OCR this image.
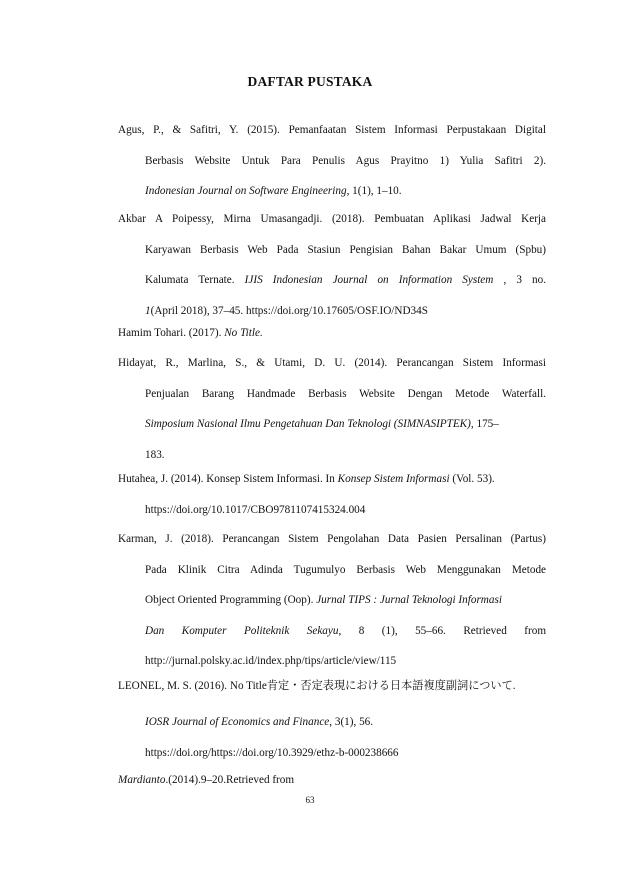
DAFTAR PUSTAKA
Agus, P., & Safitri, Y. (2015). Pemanfaatan Sistem Informasi Perpustakaan Digital
Berbasis Website Untuk Para Penulis Agus Prayitno 1) Yulia Safitri 2).
Indonesian Journal on Software Engineering, 1(1), 1–10.
Akbar A Poipessy, Mirna Umasangadji. (2018). Pembuatan Aplikasi Jadwal Kerja
Karyawan Berbasis Web Pada Stasiun Pengisian Bahan Bakar Umum (Spbu)
Kalumata Ternate. IJIS Indonesian Journal on Information System , 3 no.
1(April 2018), 37–45. https://doi.org/10.17605/OSF.IO/ND34S
Hamim Tohari. (2017). No Title.
Hidayat, R., Marlina, S., & Utami, D. U. (2014). Perancangan Sistem Informasi
Penjualan Barang Handmade Berbasis Website Dengan Metode Waterfall.
Simposium Nasional Ilmu Pengetahuan Dan Teknologi (SIMNASIPTEK), 175–
183.
Hutahea, J. (2014). Konsep Sistem Informasi. In Konsep Sistem Informasi (Vol. 53).
https://doi.org/10.1017/CBO9781107415324.004
Karman, J. (2018). Perancangan Sistem Pengolahan Data Pasien Persalinan (Partus)
Pada Klinik Citra Adinda Tugumulyo Berbasis Web Menggunakan Metode
Object Oriented Programming (Oop). Jurnal TIPS : Jurnal Teknologi Informasi
Dan Komputer Politeknik Sekayu, 8 (1), 55–66. Retrieved from
http://jurnal.polsky.ac.id/index.php/tips/article/view/115
LEONEL, M. S. (2016). No Title肯定・否定表現における日本語複度副詞について.
IOSR Journal of Economics and Finance, 3(1), 56.
https://doi.org/https://doi.org/10.3929/ethz-b-000238666
Mardianto.(2014).9–20.Retrieved from
63
